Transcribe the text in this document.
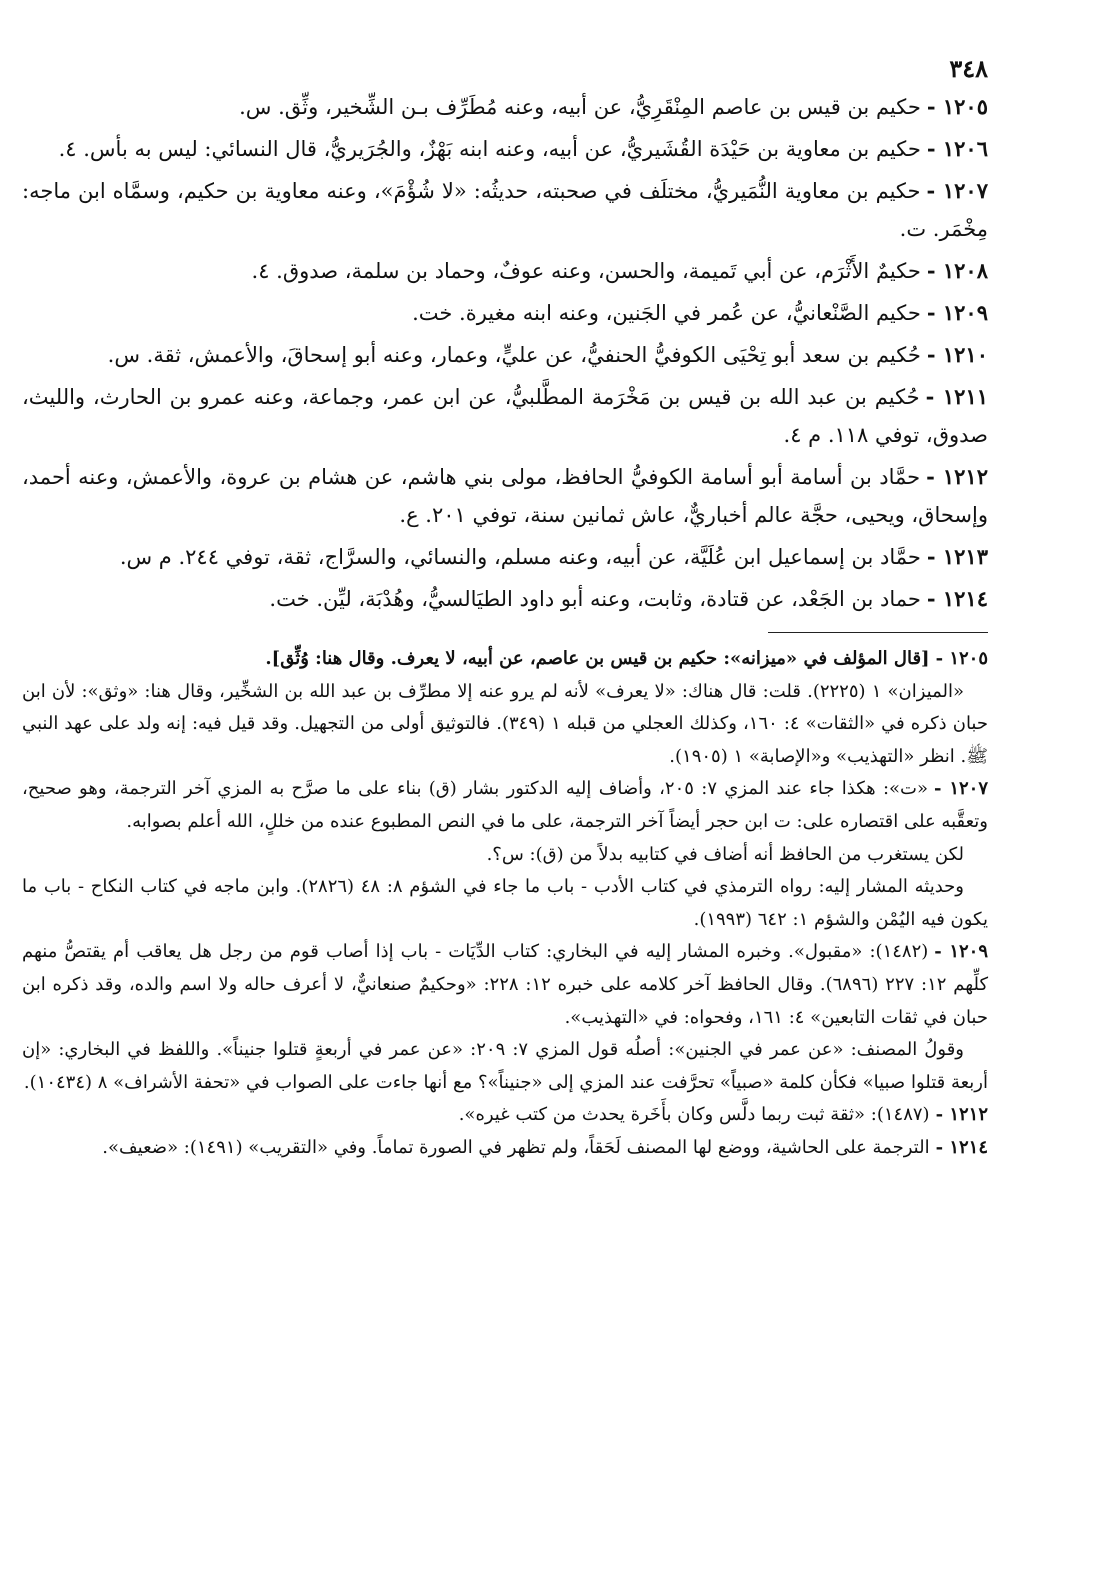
٣٤٨

١٢٠٥ -حكيم بن قيس بن عاصم المِنْقَرِيُّ، عن أبيه، وعنه مُطَرِّف بـن الشِّخير، وثِّق. س.

١٢٠٦ -حكيم بن معاوية بن حَيْدَة القُشَيريُّ، عن أبيه، وعنه ابنه بَهْزٌ، والجُرَيريُّ، قال النسائي: ليس به بأس. ٤.

١٢٠٧ -حكيم بن معاوية النُّمَيريُّ، مختلَف في صحبته، حديثُه: «لا شُؤْمَ»، وعنه معاوية بن حكيم، وسمَّاه ابن ماجه: مِخْمَر. ت.

١٢٠٨ -حكيمٌ الأَثْرَم، عن أبي تَميمة، والحسن، وعنه عوفٌ، وحماد بن سلمة، صدوق. ٤.

١٢٠٩ -حكيم الصَّنْعانيُّ، عن عُمر في الجَنين، وعنه ابنه مغيرة. خت.

١٢١٠ -حُكيم بن سعد أبو تِحْيَى الكوفيُّ الحنفيُّ، عن عليٍّ، وعمار، وعنه أبو إسحاقَ، والأعمش، ثقة. س.

١٢١١ -حُكيم بن عبد الله بن قيس بن مَخْرَمة المطَّلبيُّ، عن ابن عمر، وجماعة، وعنه عمرو بن الحارث، والليث، صدوق، توفي ١١٨. م ٤.

١٢١٢ -حمَّاد بن أسامة أبو أسامة الكوفيُّ الحافظ، مولى بني هاشم، عن هشام بن عروة، والأعمش، وعنه أحمد، وإسحاق، ويحيى، حجَّة عالم أخباريٌّ، عاش ثمانين سنة، توفي ٢٠١. ع.

١٢١٣ -حمَّاد بن إسماعيل ابن عُلَيَّة، عن أبيه، وعنه مسلم، والنسائي، والسرَّاج، ثقة، توفي ٢٤٤. م س.

١٢١٤ -حماد بن الجَعْد، عن قتادة، وثابت، وعنه أبو داود الطيَالسيُّ، وهُدْبَة، ليِّن. خت.

١٢٠٥ -[قال المؤلف في «ميزانه»: حكيم بن قيس بن عاصم، عن أبيه، لا يعرف. وقال هنا: وُثِّق].

«الميزان» ١ (٢٢٢٥). قلت: قال هناك: «لا يعرف» لأنه لم يرو عنه إلا مطرِّف بن عبد الله بن الشخِّير، وقال هنا: «وثق»: لأن ابن حبان ذكره في «الثقات» ٤: ١٦٠، وكذلك العجلي من قبله ١ (٣٤٩). فالتوثيق أولى من التجهيل. وقد قيل فيه: إنه ولد على عهد النبي ﷺ. انظر «التهذيب» و«الإصابة» ١ (١٩٠٥).

١٢٠٧ -«ت»: هكذا جاء عند المزي ٧: ٢٠٥، وأضاف إليه الدكتور بشار (ق) بناء على ما صرَّح به المزي آخر الترجمة، وهو صحيح، وتعقَّبه على اقتصاره على: ت ابن حجر أيضاً آخر الترجمة، على ما في النص المطبوع عنده من خللٍ، الله أعلم بصوابه.

لكن يستغرب من الحافظ أنه أضاف في كتابيه بدلاً من (ق): س؟.

وحديثه المشار إليه: رواه الترمذي في كتاب الأدب - باب ما جاء في الشؤم ٨: ٤٨ (٢٨٢٦). وابن ماجه في كتاب النكاح - باب ما يكون فيه اليُمْن والشؤم ١: ٦٤٢ (١٩٩٣).

١٢٠٩ -(١٤٨٢): «مقبول». وخبره المشار إليه في البخاري: كتاب الدِّيَات - باب إذا أصاب قوم من رجل هل يعاقب أم يقتصُّ منهم كلِّهم ١٢: ٢٢٧ (٦٨٩٦). وقال الحافظ آخر كلامه على خبره ١٢: ٢٢٨: «وحكيمٌ صنعانيٌّ، لا أعرف حاله ولا اسم والده، وقد ذكره ابن حبان في ثقات التابعين» ٤: ١٦١، وفحواه: في «التهذيب».

وقولُ المصنف: «عن عمر في الجنين»: أصلُه قول المزي ٧: ٢٠٩: «عن عمر في أربعةٍ قتلوا جنيناً». واللفظ في البخاري: «إن أربعة قتلوا صبيا» فكأن كلمة «صبياً» تحرَّفت عند المزي إلى «جنيناً»؟ مع أنها جاءت على الصواب في «تحفة الأشراف» ٨ (١٠٤٣٤).

١٢١٢ -(١٤٨٧): «ثقة ثبت ربما دلَّس وكان بأَخَرة يحدث من كتب غيره».

١٢١٤ -الترجمة على الحاشية، ووضع لها المصنف لَحَقاً، ولم تظهر في الصورة تماماً. وفي «التقريب» (١٤٩١): «ضعيف».
